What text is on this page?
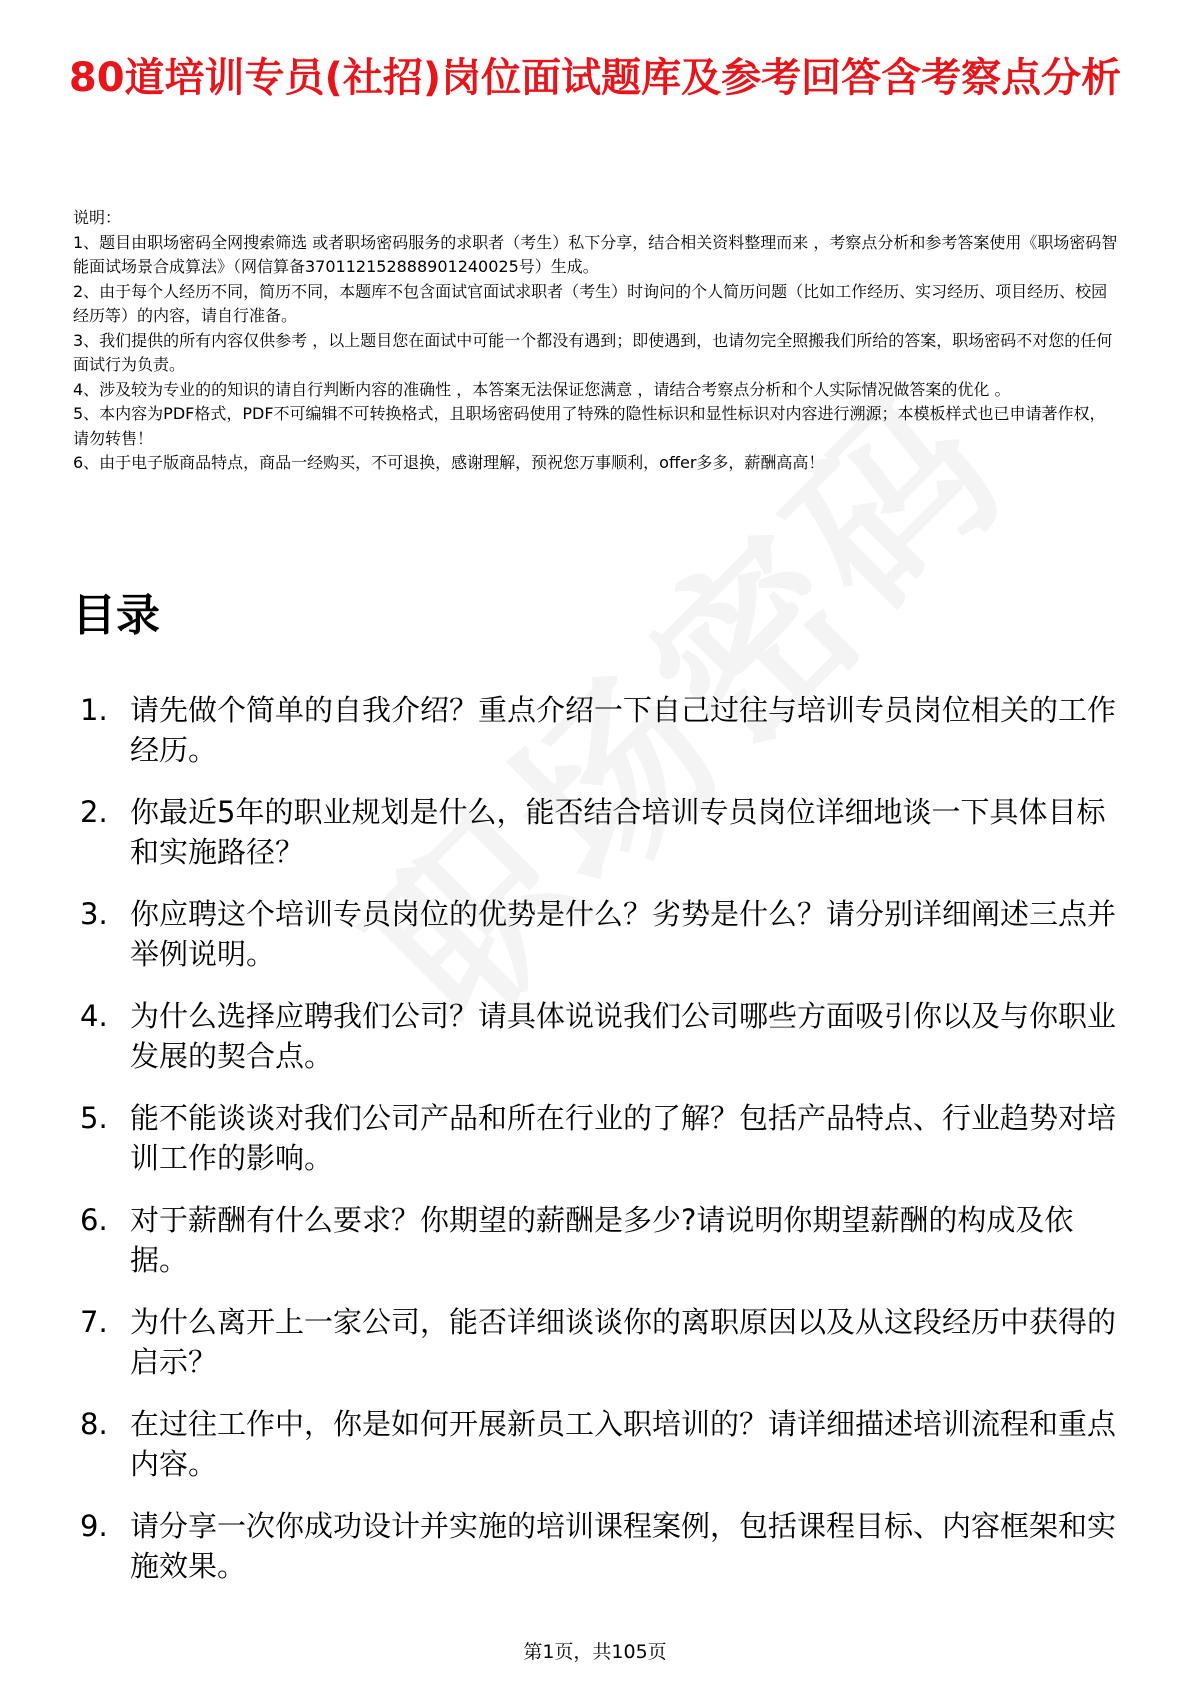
80道培训专员(社招)岗位面试题库及参考回答含考察点分析

说明：

1、题目由职场密码全网搜索筛选 或者职场密码服务的求职者（考生）私下分享，结合相关资料整理而来 ，考察点分析和参考答案使用《职场密码智能面试场景合成算法》（网信算备370112152888901240025号）生成。

2、由于每个人经历不同，简历不同，本题库不包含面试官面试求职者（考生）时询问的个人简历问题（比如工作经历、实习经历、项目经历、校园经历等）的内容，请自行准备。

3、我们提供的所有内容仅供参考 ，以上题目您在面试中可能一个都没有遇到；即使遇到，也请勿完全照搬我们所给的答案，职场密码不对您的任何面试行为负责。

4、涉及较为专业的的知识的请自行判断内容的准确性 ，本答案无法保证您满意 ，请结合考察点分析和个人实际情况做答案的优化 。

5、本内容为PDF格式，PDF不可编辑不可转换格式，且职场密码使用了特殊的隐性标识和显性标识对内容进行溯源；本模板样式也已申请著作权，请勿转售！

6、由于电子版商品特点，商品一经购买，不可退换，感谢理解，预祝您万事顺利，offer多多，薪酬高高！

目录
1. 请先做个简单的自我介绍？重点介绍一下自己过往与培训专员岗位相关的工作经历。
2. 你最近5年的职业规划是什么，能否结合培训专员岗位详细地谈一下具体目标和实施路径？
3. 你应聘这个培训专员岗位的优势是什么？劣势是什么？请分别详细阐述三点并举例说明。
4. 为什么选择应聘我们公司？请具体说说我们公司哪些方面吸引你以及与你职业发展的契合点。
5. 能不能谈谈对我们公司产品和所在行业的了解？包括产品特点、行业趋势对培训工作的影响。
6. 对于薪酬有什么要求？你期望的薪酬是多少?请说明你期望薪酬的构成及依据。
7. 为什么离开上一家公司，能否详细谈谈你的离职原因以及从这段经历中获得的启示？
8. 在过往工作中，你是如何开展新员工入职培训的？请详细描述培训流程和重点内容。
9. 请分享一次你成功设计并实施的培训课程案例，包括课程目标、内容框架和实施效果。
第1页，共105页
